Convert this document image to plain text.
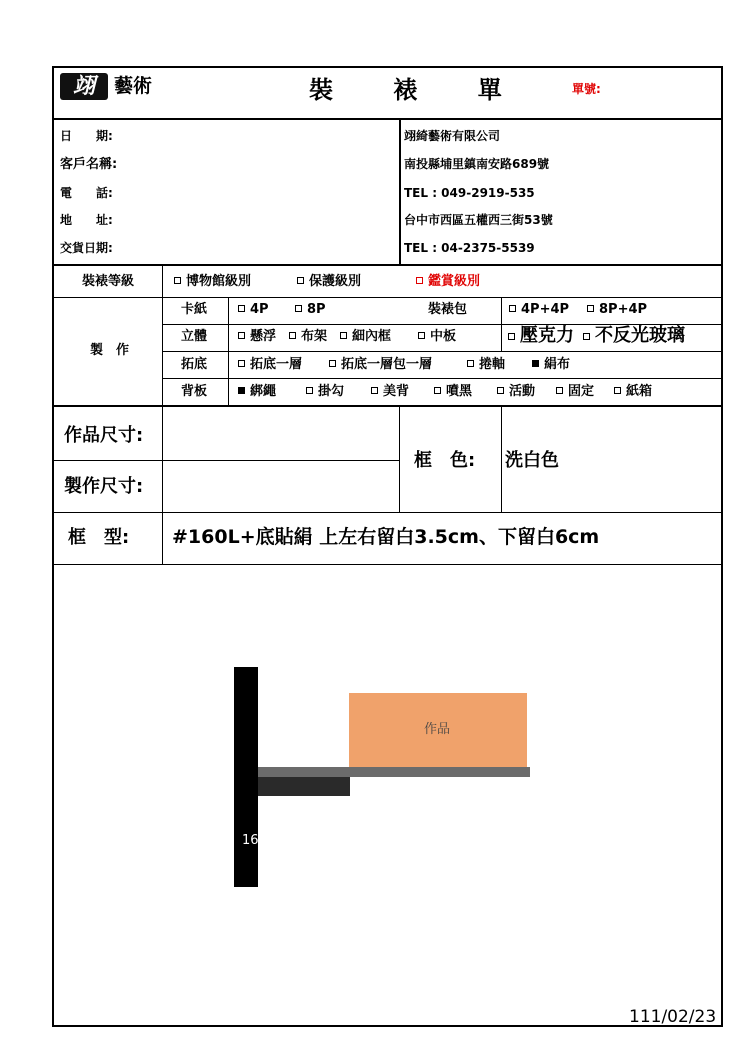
翊	藝術	裝 裱 單	單號:
日　　期:
客戶名稱:
電　　話:
地　　址:
交貨日期:
翊綺藝術有限公司
南投縣埔里鎮南安路689號
TEL : 049-2919-535
台中市西區五權西三街53號
TEL : 04-2375-5539
裝裱等級	博物館級別	保護級別	鑑賞級別
製　作
卡紙	4P	8P	裝裱包	4P+4P	8P+4P
立體	懸浮	布架	細內框	中板	壓克力	不反光玻璃
拓底	拓底一層	拓底一層包一層	捲軸	絹布
背板	綁繩	掛勾	美背	噴黑	活動	固定	紙箱
作品尺寸:
製作尺寸:
框　色: 洗白色
框　型: #160L+底貼絹 上左右留白3.5cm、下留白6cm
作品
160L
111/02/23
